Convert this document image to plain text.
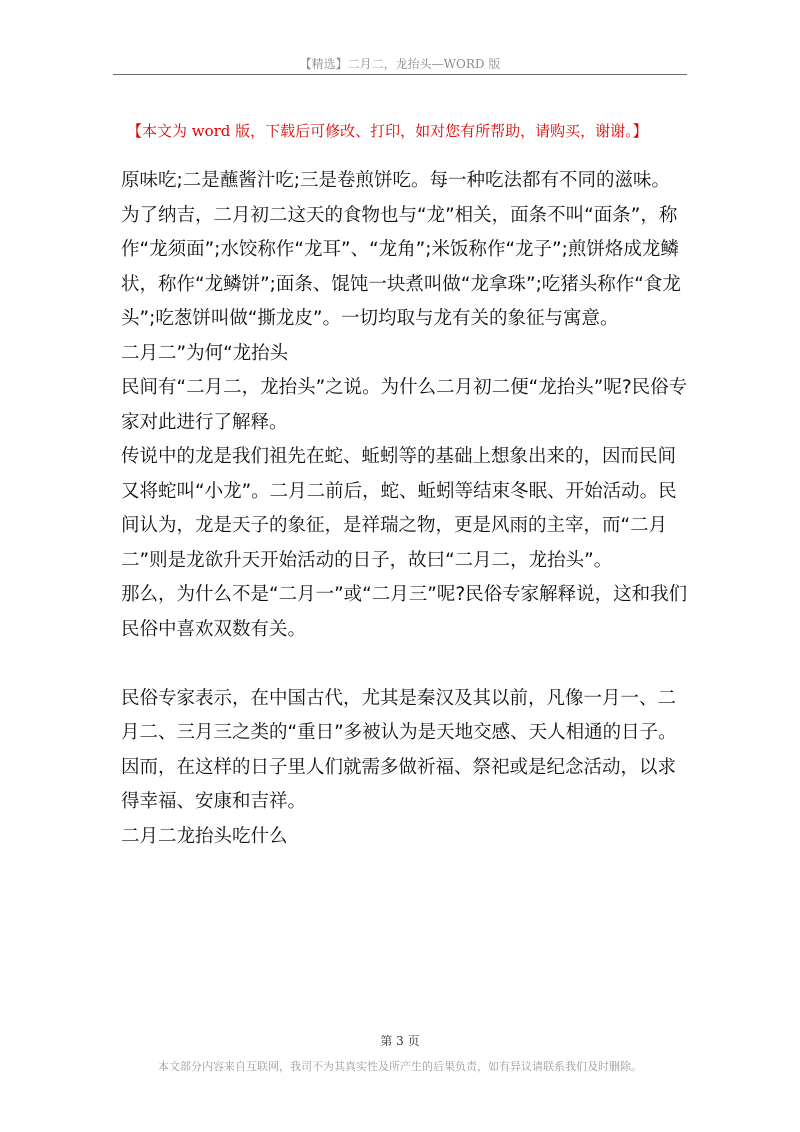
【精选】二月二，龙抬头—WORD 版
【本文为 word 版，下载后可修改、打印，如对您有所帮助，请购买，谢谢。】
原味吃;二是蘸酱汁吃;三是卷煎饼吃。每一种吃法都有不同的滋味。
为了纳吉，二月初二这天的食物也与“龙”相关，面条不叫“面条”，称
作“龙须面”;水饺称作“龙耳”、“龙角”;米饭称作“龙子”;煎饼烙成龙鳞
状，称作“龙鳞饼”;面条、馄饨一块煮叫做“龙拿珠”;吃猪头称作“食龙
头”;吃葱饼叫做“撕龙皮”。一切均取与龙有关的象征与寓意。
二月二”为何“龙抬头
民间有“二月二，龙抬头”之说。为什么二月初二便“龙抬头”呢?民俗专
家对此进行了解释。
传说中的龙是我们祖先在蛇、蚯蚓等的基础上想象出来的，因而民间
又将蛇叫“小龙”。二月二前后，蛇、蚯蚓等结束冬眠、开始活动。民
间认为，龙是天子的象征，是祥瑞之物，更是风雨的主宰，而“二月
二”则是龙欲升天开始活动的日子，故曰“二月二，龙抬头”。
那么，为什么不是“二月一”或“二月三”呢?民俗专家解释说，这和我们
民俗中喜欢双数有关。
民俗专家表示，在中国古代，尤其是秦汉及其以前，凡像一月一、二
月二、三月三之类的“重日”多被认为是天地交感、天人相通的日子。
因而，在这样的日子里人们就需多做祈福、祭祀或是纪念活动，以求
得幸福、安康和吉祥。
二月二龙抬头吃什么
第 3 页
本文部分内容来自互联网，我司不为其真实性及所产生的后果负责，如有异议请联系我们及时删除。
